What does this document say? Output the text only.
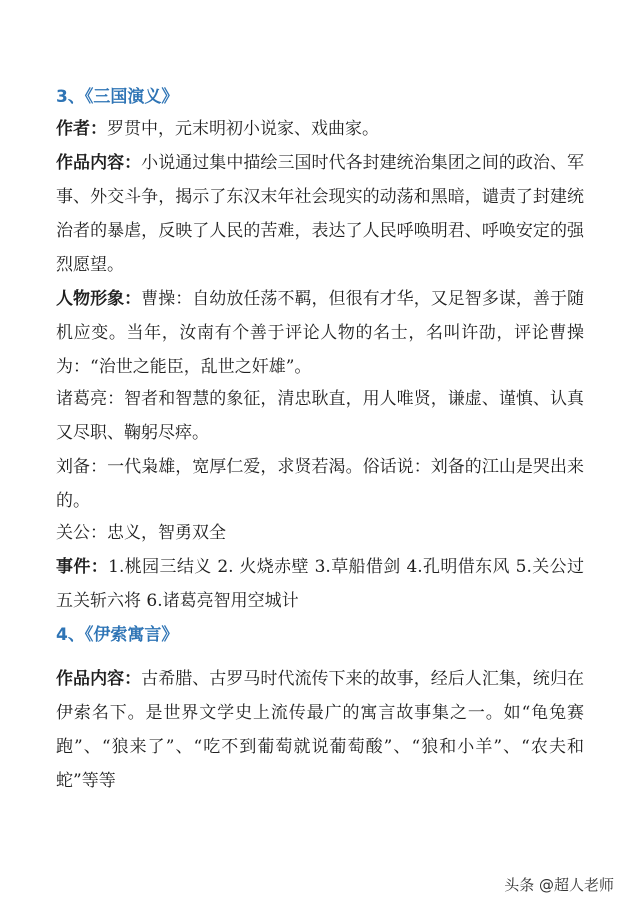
3、《三国演义》
作者：罗贯中，元末明初小说家、戏曲家。
作品内容：小说通过集中描绘三国时代各封建统治集团之间的政治、军事、外交斗争，揭示了东汉末年社会现实的动荡和黑暗，谴责了封建统治者的暴虐，反映了人民的苦难，表达了人民呼唤明君、呼唤安定的强烈愿望。
人物形象：曹操：自幼放任荡不羁，但很有才华，又足智多谋，善于随机应变。当年，汝南有个善于评论人物的名士，名叫许劭，评论曹操为：“治世之能臣，乱世之奸雄”。
诸葛亮：智者和智慧的象征，清忠耿直，用人唯贤，谦虚、谨慎、认真又尽职、鞠躬尽瘁。
刘备：一代枭雄，宽厚仁爱，求贤若渴。俗话说：刘备的江山是哭出来的。
关公：忠义，智勇双全
事件：1.桃园三结义 2. 火烧赤壁 3.草船借剑 4.孔明借东风 5.关公过五关斩六将 6.诸葛亮智用空城计
4、《伊索寓言》
作品内容：古希腊、古罗马时代流传下来的故事，经后人汇集，统归在伊索名下。是世界文学史上流传最广的寓言故事集之一。如“龟兔赛跑”、“狼来了”、“吃不到葡萄就说葡萄酸”、“狼和小羊”、“农夫和蛇”等等
头条 @超人老师
